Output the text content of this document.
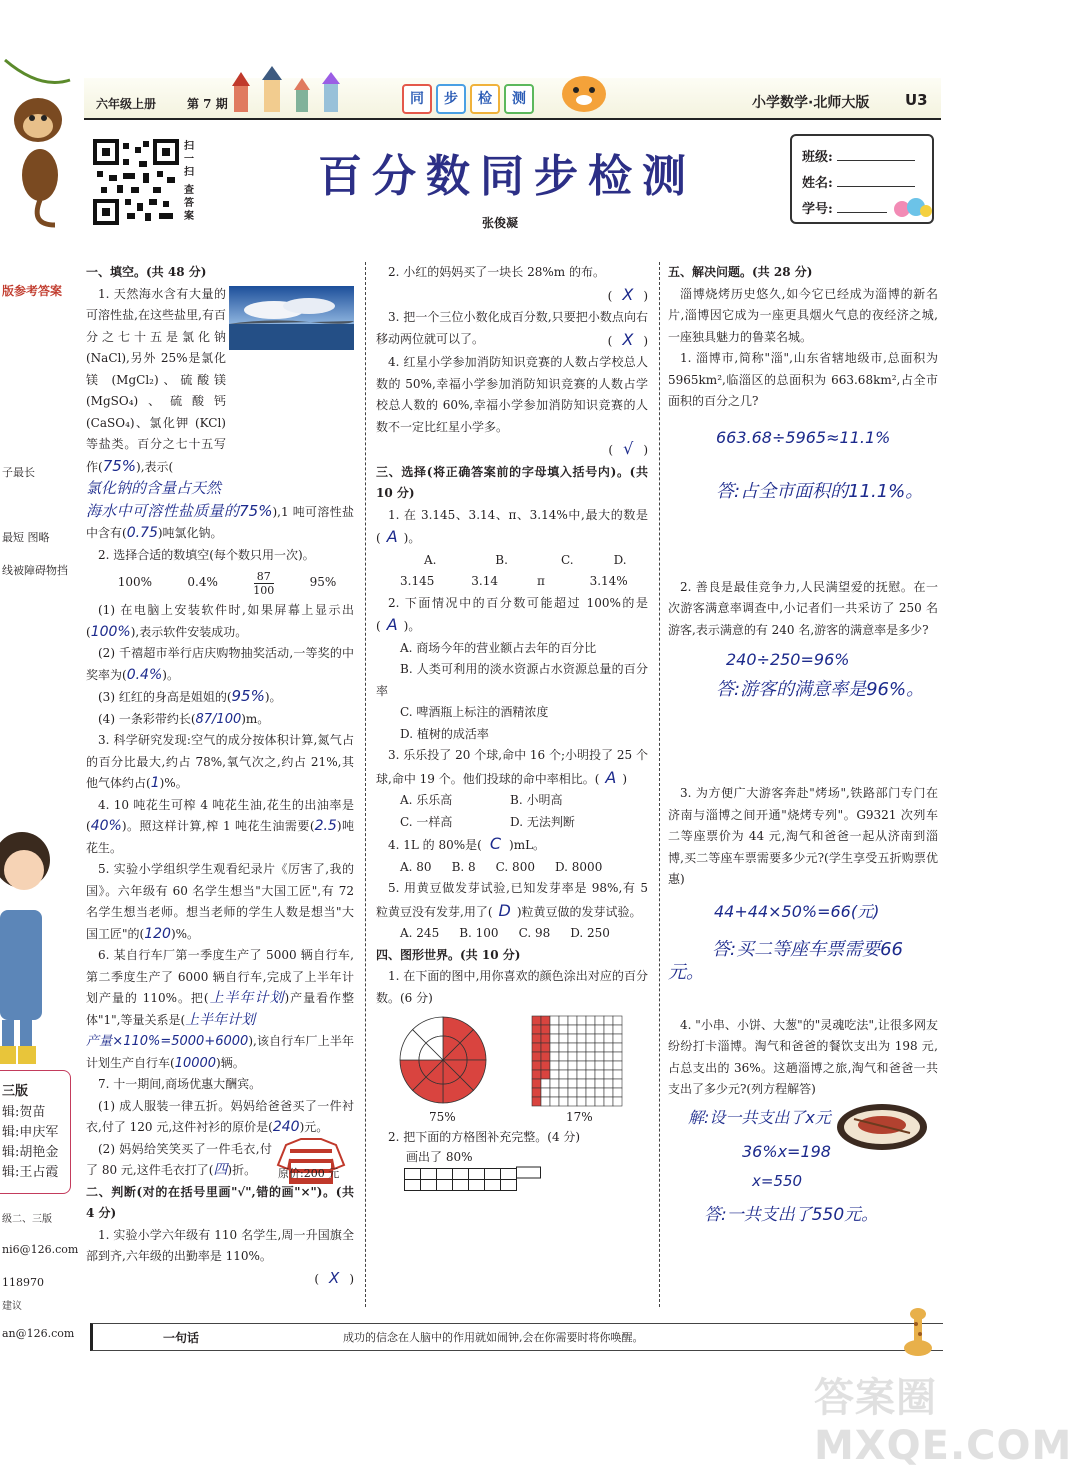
版参考答案
子最长
最短 图略
线被障碍物挡
三版
辑:贺苗
辑:申庆军
辑:胡艳金
辑:王占霞
级二、三版
ni6@126.com
118970
建议
an@126.com
六年级上册	第 7 期	同	步	检	测	小学数学·北师大版 U3
扫一扫
查答案
百分数同步检测
张俊凝
班级:
姓名:
学号:

一、填空。(共 48 分)

1. 天然海水含有大量的可溶性盐,在这些盐里,有百分之七十五是氯化钠 (NaCl),另外 25%是氯化镁 (MgCl₂)、硫酸镁 (MgSO₄)、硫酸钙 (CaSO₄)、氯化钾 (KCl) 等盐类。百分之七十五写作(75%),表示(

氯化钠的含量占天然

海水中可溶性盐质量的75%),1 吨可溶性盐中含有(0.75)吨氯化钠。

2. 选择合适的数填空(每个数只用一次)。

100%	0.4%	87
100
95%

(1) 在电脑上安装软件时,如果屏幕上显示出(100%),表示软件安装成功。

(2) 千禧超市举行店庆购物抽奖活动,一等奖的中奖率为(0.4%)。

(3) 红红的身高是姐姐的(95%)。

(4) 一条彩带约长(87/100)m。

3. 科学研究发现:空气的成分按体积计算,氮气占的百分比最大,约占 78%,氧气次之,约占 21%,其他气体约占(1)%。

4. 10 吨花生可榨 4 吨花生油,花生的出油率是(40%)。照这样计算,榨 1 吨花生油需要(2.5)吨花生。

5. 实验小学组织学生观看纪录片《厉害了,我的国》。六年级有 60 名学生想当"大国工匠",有 72 名学生想当老师。想当老师的学生人数是想当"大国工匠"的(120)%。

6. 某自行车厂第一季度生产了 5000 辆自行车,第二季度生产了 6000 辆自行车,完成了上半年计划产量的 110%。把(上半年计划)产量看作整体"1",等量关系是(上半年计划

产量×110%=5000+6000),该自行车厂上半年计划生产自行车(10000)辆。

7. 十一期间,商场优惠大酬宾。

(1) 成人服装一律五折。妈妈给爸爸买了一件衬衣,付了 120 元,这件衬衫的原价是(240)元。

(2) 妈妈给笑笑买了一件毛衣,付了 80 元,这件毛衣打了(四)折。	原价:200 元

二、判断(对的在括号里画"√",错的画"×")。(共 4 分)

1. 实验小学六年级有 110 名学生,周一升国旗全部到齐,六年级的出勤率是 110%。

( X )

2. 小红的妈妈买了一块长 28%m 的布。

( X )

3. 把一个三位小数化成百分数,只要把小数点向右移动两位就可以了。	( X )

4. 红星小学参加消防知识竞赛的人数占学校总人数的 50%,幸福小学参加消防知识竞赛的人数占学校总人数的 60%,幸福小学参加消防知识竞赛的人数不一定比红星小学多。

( √ )

三、选择(将正确答案前的字母填入括号内)。(共 10 分)

1. 在 3.145、3.14、π、3.14%中,最大的数是( A )。

A. 3.145
B. 3.14
C. π
D. 3.14%

2. 下面情况中的百分数可能超过 100%的是( A )。

A. 商场今年的营业额占去年的百分比

B. 人类可利用的淡水资源占水资源总量的百分率

C. 啤酒瓶上标注的酒精浓度

D. 植树的成活率

3. 乐乐投了 20 个球,命中 16 个;小明投了 25 个球,命中 19 个。他们投球的命中率相比。( A )

A. 乐乐高	B. 小明高
C. 一样高	D. 无法判断

4. 1L 的 80%是( C )mL。

A. 80 B. 8 C. 800 D. 8000

5. 用黄豆做发芽试验,已知发芽率是 98%,有 5 粒黄豆没有发芽,用了( D )粒黄豆做的发芽试验。

A. 245 B. 100 C. 98 D. 250

四、图形世界。(共 10 分)

1. 在下面的图中,用你喜欢的颜色涂出对应的百分数。(6 分)

75%	17%

2. 把下面的方格图补充完整。(4 分)

画出了 80%

五、解决问题。(共 28 分)

淄博烧烤历史悠久,如今它已经成为淄博的新名片,淄博因它成为一座更具烟火气息的夜经济之城,一座独具魅力的鲁菜名城。

1. 淄博市,简称"淄",山东省辖地级市,总面积为 5965km²,临淄区的总面积为 663.68km²,占全市面积的百分之几?

663.68÷5965≈11.1%
答:占全市面积的11.1%。

2. 善良是最佳竞争力,人民满望爱的抚慰。在一次游客满意率调查中,小记者们一共采访了 250 名游客,表示满意的有 240 名,游客的满意率是多少?

240÷250=96%
答:游客的满意率是96%。

3. 为方便广大游客奔赴"烤场",铁路部门专门在济南与淄博之间开通"烧烤专列"。G9321 次列车二等座票价为 44 元,淘气和爸爸一起从济南到淄博,买二等座车票需要多少元?(学生享受五折购票优惠)

44+44×50%=66(元)
答:买二等座车票需要66元。

4. "小串、小饼、大葱"的"灵魂吃法",让很多网友纷纷打卡淄博。淘气和爸爸的餐饮支出为 198 元,占总支出的 36%。这趟淄博之旅,淘气和爸爸一共支出了多少元?(列方程解答)

解:设一共支出了x元
36%x=198
x=550
答:一共支出了550元。
一句话	成功的信念在人脑中的作用就如闹钟,会在你需要时将你唤醒。
答案圈 MXQE.COM
